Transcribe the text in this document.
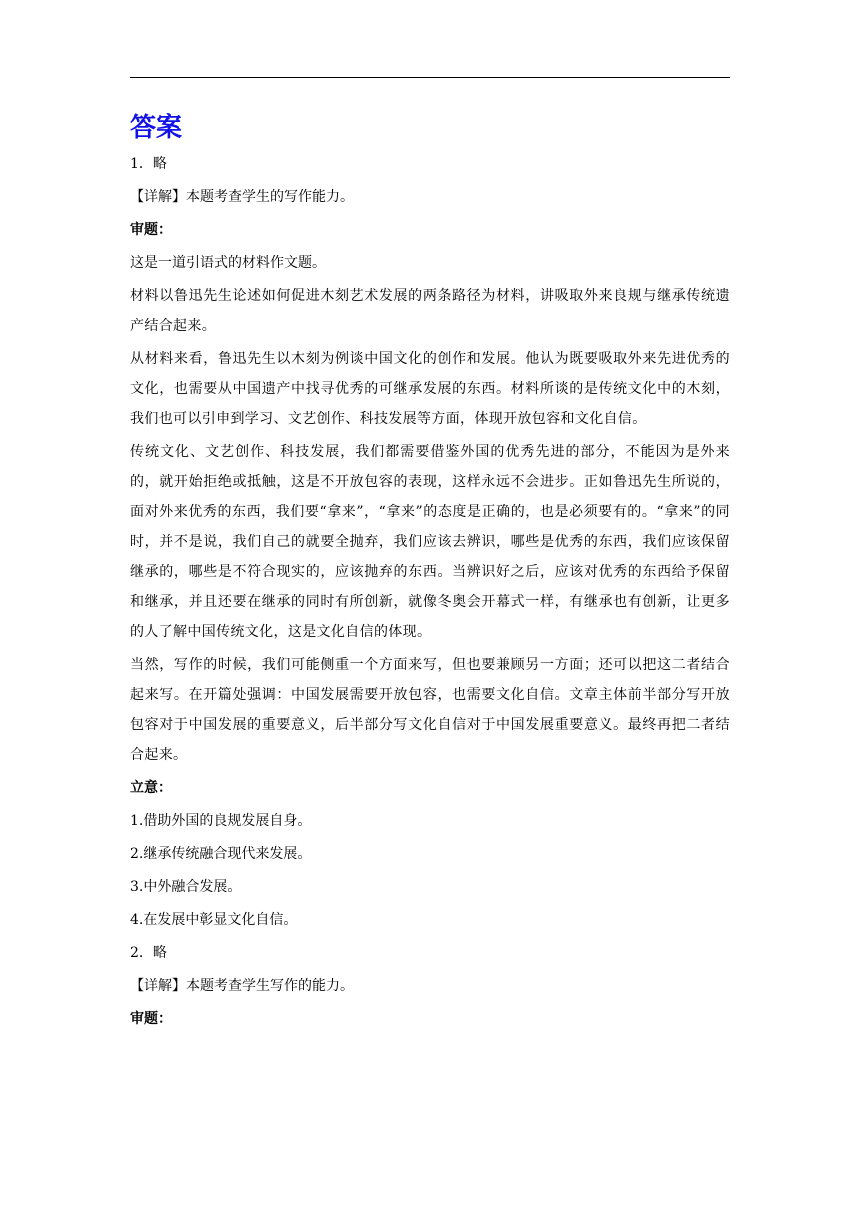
答案

1．略

【详解】本题考查学生的写作能力。

审题：

这是一道引语式的材料作文题。

材料以鲁迅先生论述如何促进木刻艺术发展的两条路径为材料，讲吸取外来良规与继承传统遗产结合起来。

从材料来看，鲁迅先生以木刻为例谈中国文化的创作和发展。他认为既要吸取外来先进优秀的文化，也需要从中国遗产中找寻优秀的可继承发展的东西。材料所谈的是传统文化中的木刻，我们也可以引申到学习、文艺创作、科技发展等方面，体现开放包容和文化自信。

传统文化、文艺创作、科技发展，我们都需要借鉴外国的优秀先进的部分，不能因为是外来的，就开始拒绝或抵触，这是不开放包容的表现，这样永远不会进步。正如鲁迅先生所说的，面对外来优秀的东西，我们要“拿来”，“拿来”的态度是正确的，也是必须要有的。“拿来”的同时，并不是说，我们自己的就要全抛弃，我们应该去辨识，哪些是优秀的东西，我们应该保留继承的，哪些是不符合现实的，应该抛弃的东西。当辨识好之后，应该对优秀的东西给予保留和继承，并且还要在继承的同时有所创新，就像冬奥会开幕式一样，有继承也有创新，让更多的人了解中国传统文化，这是文化自信的体现。

当然，写作的时候，我们可能侧重一个方面来写，但也要兼顾另一方面；还可以把这二者结合起来写。在开篇处强调：中国发展需要开放包容，也需要文化自信。文章主体前半部分写开放包容对于中国发展的重要意义，后半部分写文化自信对于中国发展重要意义。最终再把二者结合起来。

立意：

1.借助外国的良规发展自身。

2.继承传统融合现代来发展。

3.中外融合发展。

4.在发展中彰显文化自信。

2．略

【详解】本题考查学生写作的能力。

审题：
